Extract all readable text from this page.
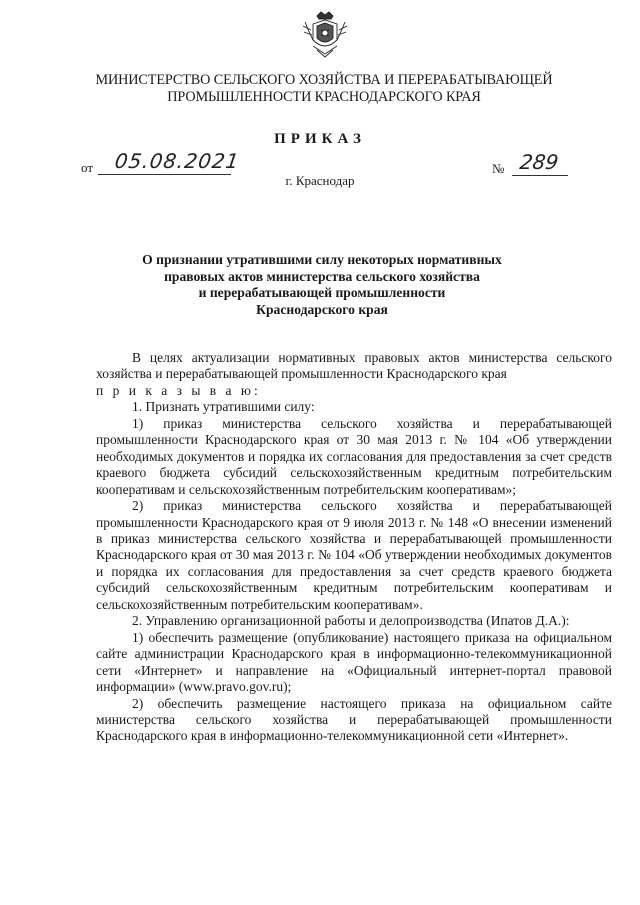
МИНИСТЕРСТВО СЕЛЬСКОГО ХОЗЯЙСТВА И ПЕРЕРАБАТЫВАЮЩЕЙ
ПРОМЫШЛЕННОСТИ КРАСНОДАРСКОГО КРАЯ
ПРИКАЗ
от 05.08.2021	№ 289
г. Краснодар
О признании утратившими силу некоторых нормативных
правовых актов министерства сельского хозяйства
и перерабатывающей промышленности
Краснодарского края

В целях актуализации нормативных правовых актов министерства сельского хозяйства и перерабатывающей промышленности Краснодарского края

п р и к а з ы в а ю:

1. Признать утратившими силу:

1) приказ министерства сельского хозяйства и перерабатывающей промышленности Краснодарского края от 30 мая 2013 г. № 104 «Об утверждении необходимых документов и порядка их согласования для предоставления за счет средств краевого бюджета субсидий сельскохозяйственным кредитным потребительским кооперативам и сельскохозяйственным потребительским кооперативам»;

2) приказ министерства сельского хозяйства и перерабатывающей промышленности Краснодарского края от 9 июля 2013 г. № 148 «О внесении изменений в приказ министерства сельского хозяйства и перерабатывающей промышленности Краснодарского края от 30 мая 2013 г. № 104 «Об утверждении необходимых документов и порядка их согласования для предоставления за счет средств краевого бюджета субсидий сельскохозяйственным кредитным потребительским кооперативам и сельскохозяйственным потребительским кооперативам».

2. Управлению организационной работы и делопроизводства (Ипатов Д.А.):

1) обеспечить размещение (опубликование) настоящего приказа на официальном сайте администрации Краснодарского края в информационно-телекоммуникационной сети «Интернет» и направление на «Официальный интернет-портал правовой информации» (www.pravo.gov.ru);

2) обеспечить размещение настоящего приказа на официальном сайте министерства сельского хозяйства и перерабатывающей промышленности Краснодарского края в информационно-телекоммуникационной сети «Интернет».
